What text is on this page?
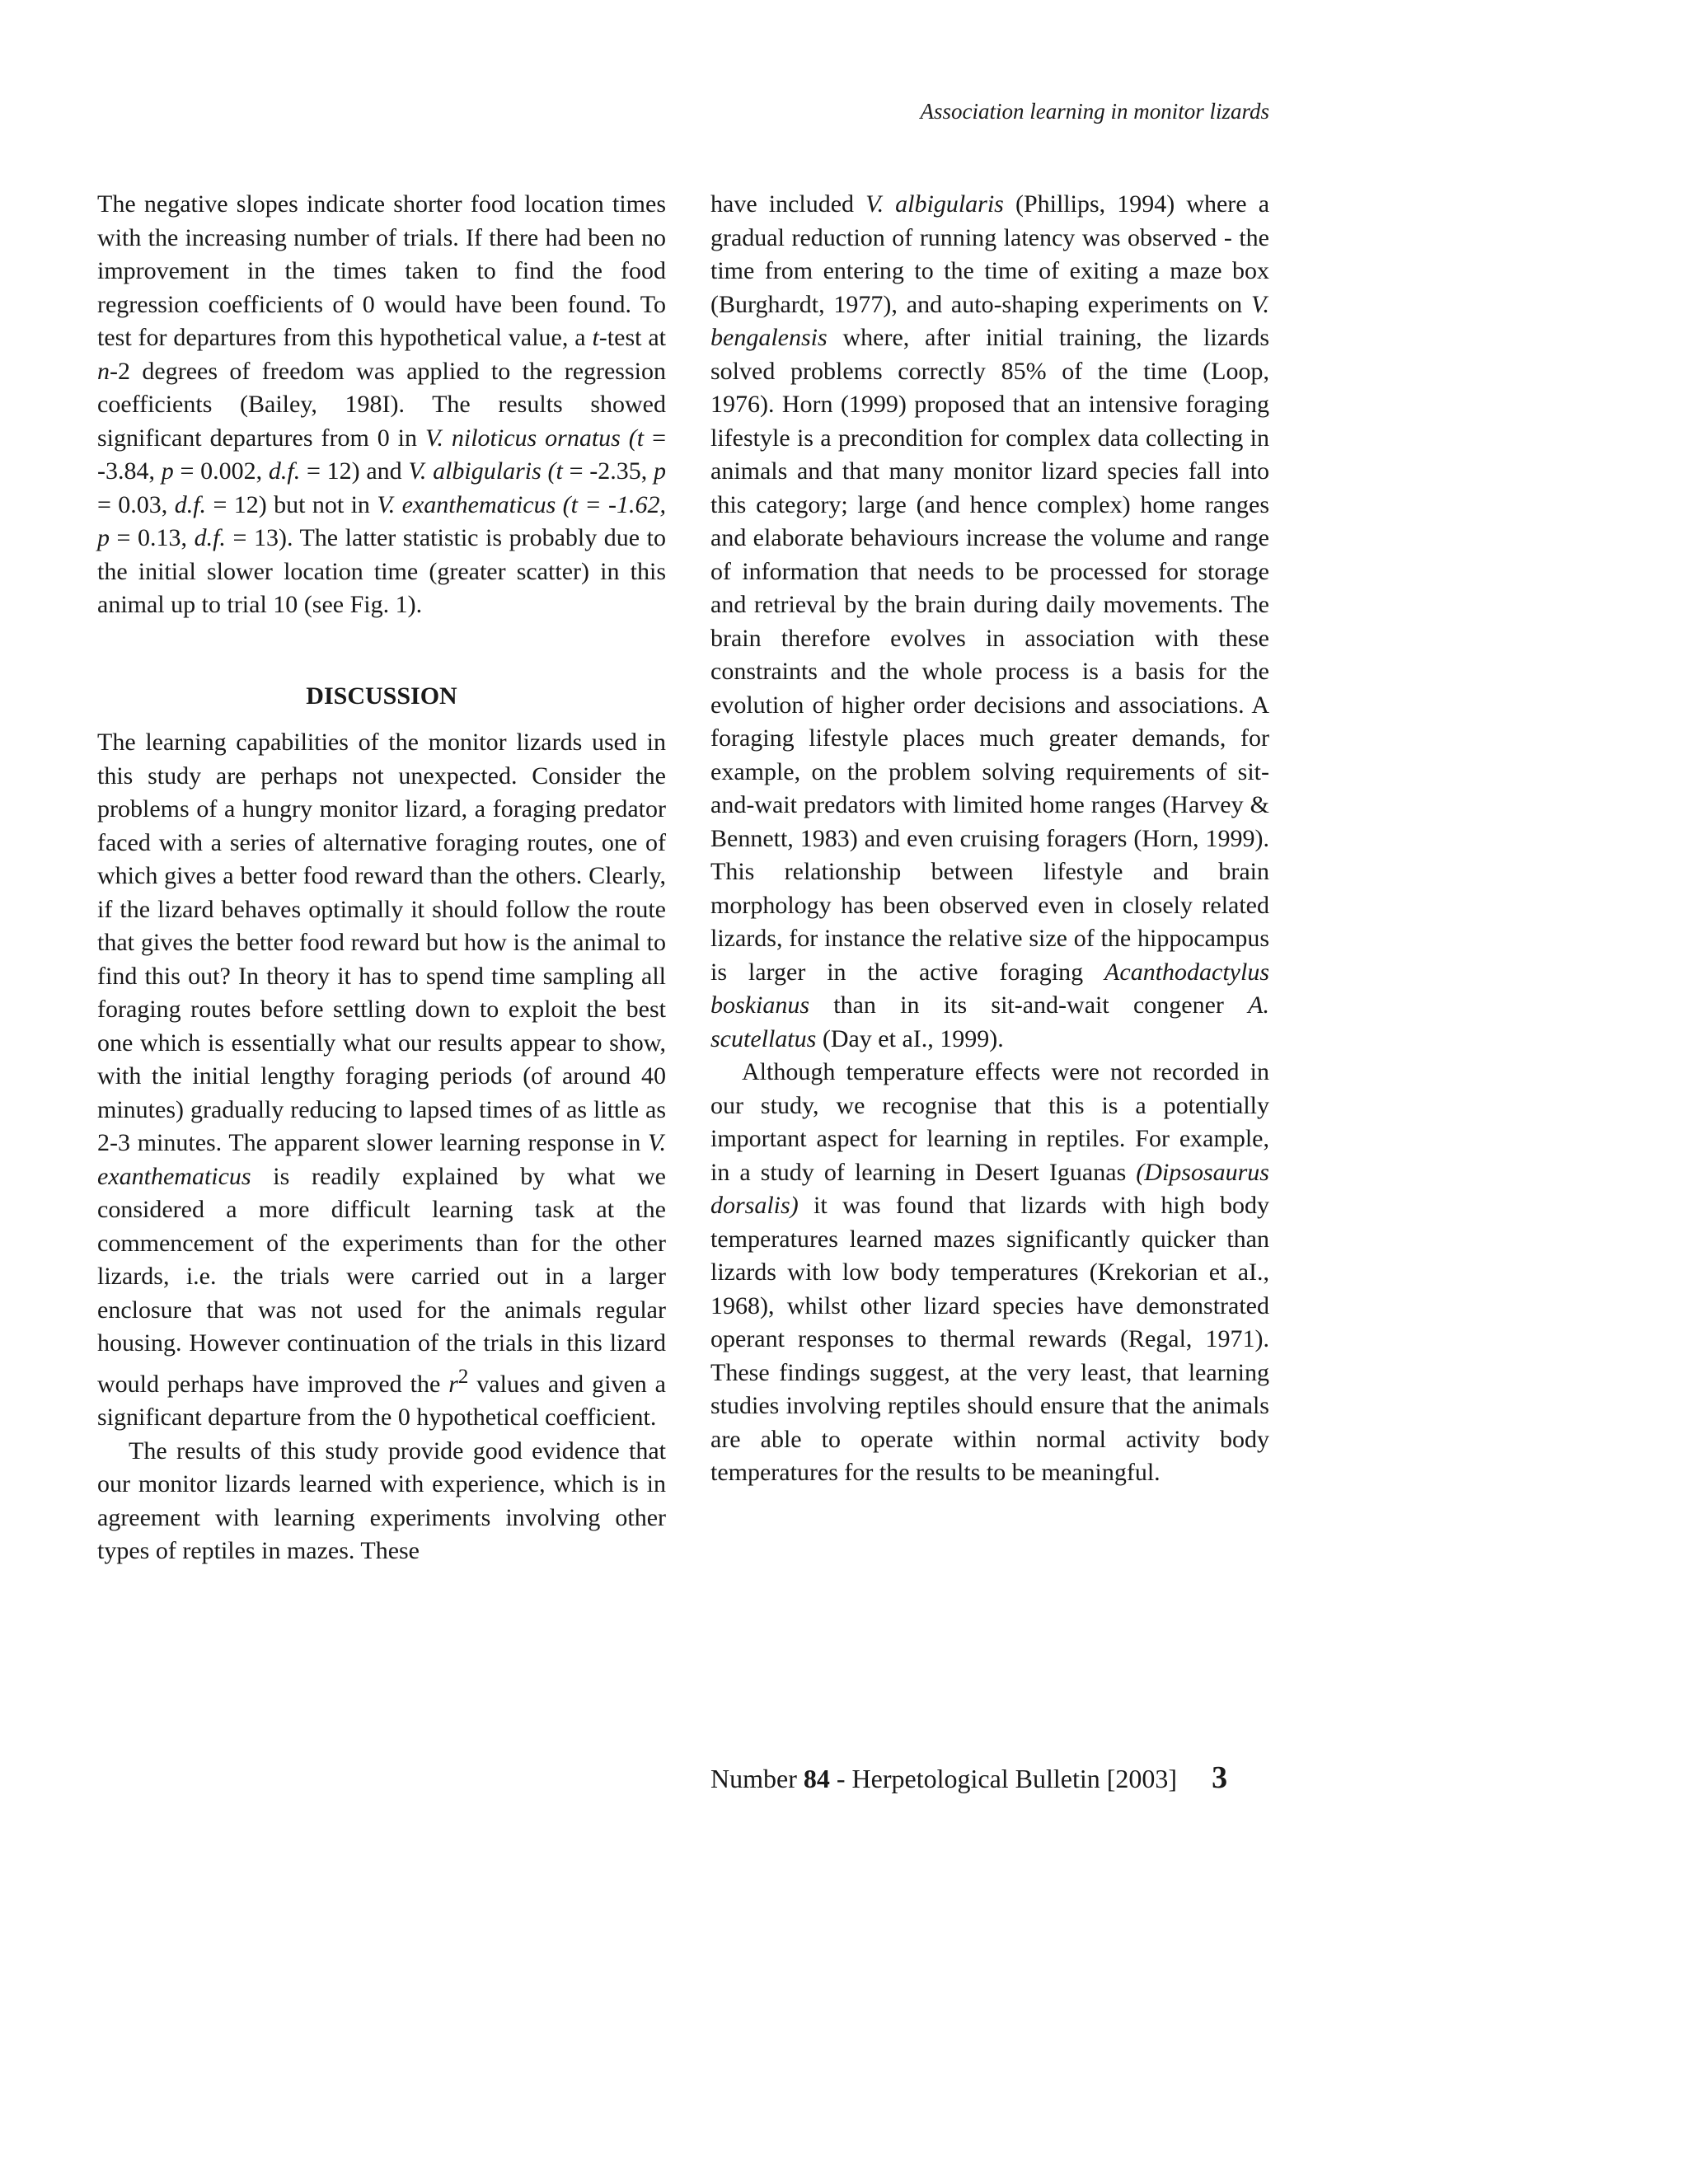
Association learning in monitor lizards

The negative slopes indicate shorter food location times with the increasing number of trials. If there had been no improvement in the times taken to find the food regression coefficients of 0 would have been found. To test for departures from this hypothetical value, a t-test at n-2 degrees of freedom was applied to the regression coefficients (Bailey, 198I). The results showed significant departures from 0 in V. niloticus ornatus (t = -3.84, p = 0.002, d.f. = 12) and V. albigularis (t = -2.35, p = 0.03, d.f. = 12) but not in V. exanthematicus (t = -1.62, p = 0.13, d.f. = 13). The latter statistic is probably due to the initial slower location time (greater scatter) in this animal up to trial 10 (see Fig. 1).

DISCUSSION

The learning capabilities of the monitor lizards used in this study are perhaps not unexpected. Consider the problems of a hungry monitor lizard, a foraging predator faced with a series of alternative foraging routes, one of which gives a better food reward than the others. Clearly, if the lizard behaves optimally it should follow the route that gives the better food reward but how is the animal to find this out? In theory it has to spend time sampling all foraging routes before settling down to exploit the best one which is essentially what our results appear to show, with the initial lengthy foraging periods (of around 40 minutes) gradually reducing to lapsed times of as little as 2-3 minutes. The apparent slower learning response in V. exanthematicus is readily explained by what we considered a more difficult learning task at the commencement of the experiments than for the other lizards, i.e. the trials were carried out in a larger enclosure that was not used for the animals regular housing. However continuation of the trials in this lizard would perhaps have improved the $r^2$ values and given a significant departure from the 0 hypothetical coefficient.

The results of this study provide good evidence that our monitor lizards learned with experience, which is in agreement with learning experiments involving other types of reptiles in mazes. These

have included V. albigularis (Phillips, 1994) where a gradual reduction of running latency was observed - the time from entering to the time of exiting a maze box (Burghardt, 1977), and auto-shaping experiments on V. bengalensis where, after initial training, the lizards solved problems correctly 85% of the time (Loop, 1976). Horn (1999) proposed that an intensive foraging lifestyle is a precondition for complex data collecting in animals and that many monitor lizard species fall into this category; large (and hence complex) home ranges and elaborate behaviours increase the volume and range of information that needs to be processed for storage and retrieval by the brain during daily movements. The brain therefore evolves in association with these constraints and the whole process is a basis for the evolution of higher order decisions and associations. A foraging lifestyle places much greater demands, for example, on the problem solving requirements of sit-and-wait predators with limited home ranges (Harvey & Bennett, 1983) and even cruising foragers (Horn, 1999). This relationship between lifestyle and brain morphology has been observed even in closely related lizards, for instance the relative size of the hippocampus is larger in the active foraging Acanthodactylus boskianus than in its sit-and-wait congener A. scutellatus (Day et aI., 1999).

Although temperature effects were not recorded in our study, we recognise that this is a potentially important aspect for learning in reptiles. For example, in a study of learning in Desert Iguanas (Dipsosaurus dorsalis) it was found that lizards with high body temperatures learned mazes significantly quicker than lizards with low body temperatures (Krekorian et aI., 1968), whilst other lizard species have demonstrated operant responses to thermal rewards (Regal, 1971). These findings suggest, at the very least, that learning studies involving reptiles should ensure that the animals are able to operate within normal activity body temperatures for the results to be meaningful.

Number 84 - Herpetological Bulletin [2003] 3
